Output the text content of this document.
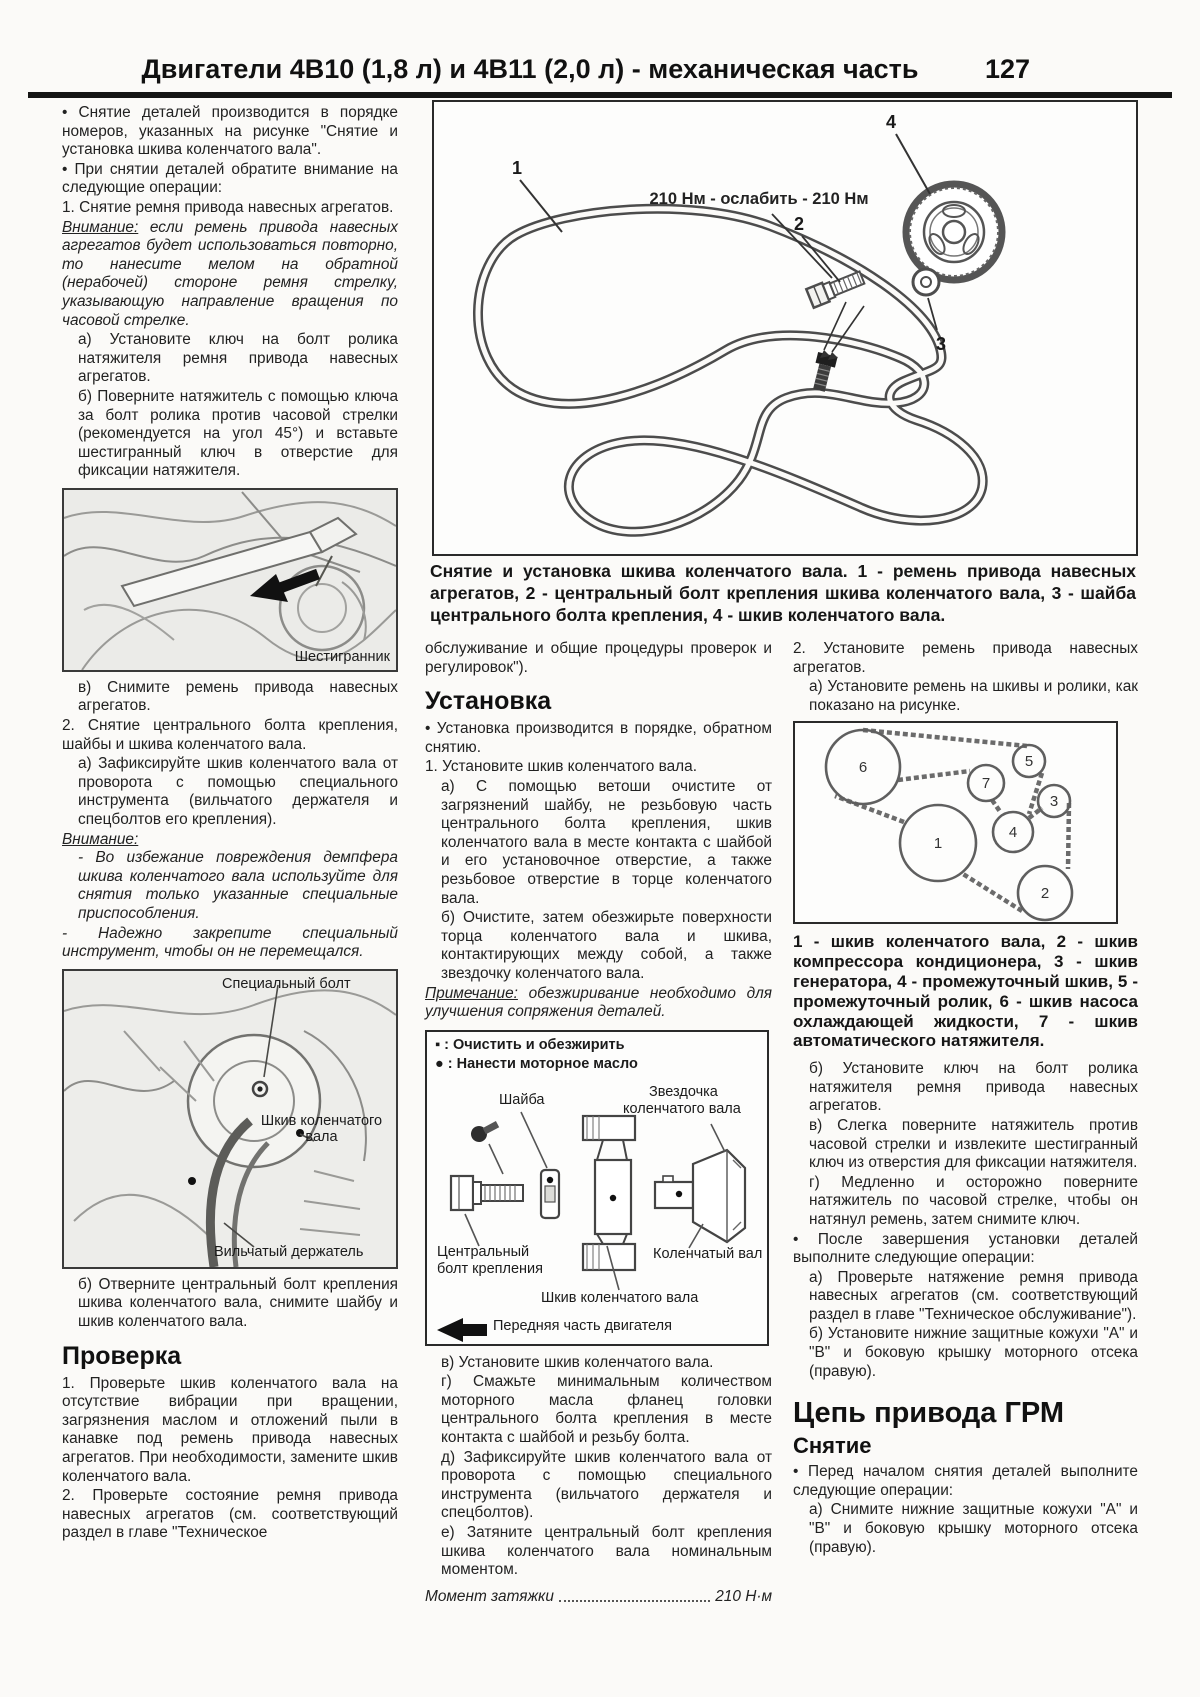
Двигатели 4В10 (1,8 л) и 4В11 (2,0 л) - механическая часть	127
1
2
3
4
210 Нм - ослабить - 210 Нм
Снятие и установка шкива коленчатого вала. 1 - ремень привода навесных агрегатов, 2 - центральный болт крепления шкива коленчатого вала, 3 - шайба центрального болта крепления, 4 - шкив коленчатого вала.

• Снятие деталей производится в порядке номеров, указанных на рисунке "Снятие и установка шкива коленчатого вала".

• При снятии деталей обратите внимание на следующие операции:

1. Снятие ремня привода навесных агрегатов.

Внимание: если ремень привода навесных агрегатов будет использоваться повторно, то нанесите мелом на обратной (нерабочей) стороне ремня стрелку, указывающую направление вращения по часовой стрелке.

а) Установите ключ на болт ролика натяжителя ремня привода навесных агрегатов.

б) Поверните натяжитель с помощью ключа за болт ролика против часовой стрелки (рекомендуется на угол 45°) и вставьте шестигранный ключ в отверстие для фиксации натяжителя.

Шестигранник

в) Снимите ремень привода навесных агрегатов.

2. Снятие центрального болта крепления, шайбы и шкива коленчатого вала.

а) Зафиксируйте шкив коленчатого вала от проворота с помощью специального инструмента (вильчатого держателя и спецболтов его крепления).

Внимание:

- Во избежание повреждения демпфера шкива коленчатого вала используйте для снятия только указанные специальные приспособления.

- Надежно закрепите специальный инструмент, чтобы он не перемещался.

Специальный болт
Шкив коленчатого вала
Вильчатый держатель

б) Отверните центральный болт крепления шкива коленчатого вала, снимите шайбу и шкив коленчатого вала.

Проверка

1. Проверьте шкив коленчатого вала на отсутствие вибрации при вращении, загрязнения маслом и отложений пыли в канавке под ремень привода навесных агрегатов. При необходимости, замените шкив коленчатого вала.

2. Проверьте состояние ремня привода навесных агрегатов (см. соответствующий раздел в главе "Техническое

обслуживание и общие процедуры проверок и регулировок").

Установка

• Установка производится в порядке, обратном снятию.

1. Установите шкив коленчатого вала.

а) С помощью ветоши очистите от загрязнений шайбу, не резьбовую часть центрального болта крепления, шкив коленчатого вала в месте контакта с шайбой и его установочное отверстие, а также резьбовое отверстие в торце коленчатого вала.

б) Очистите, затем обезжирьте поверхности торца коленчатого вала и шкива, контактирующих между собой, а также звездочку коленчатого вала.

Примечание: обезжиривание необходимо для улучшения сопряжения деталей.

▪ : Очистить и обезжирить
● : Нанести моторное масло
Шайба	Звездочка
коленчатого вала
Центральный
болт крепления
Коленчатый вал
Шкив коленчатого вала
Передняя часть двигателя

в) Установите шкив коленчатого вала.

г) Смажьте минимальным количеством моторного масла фланец головки центрального болта крепления в месте контакта с шайбой и резьбу болта.

д) Зафиксируйте шкив коленчатого вала от проворота с помощью специального инструмента (вильчатого держателя и спецболтов).

е) Затяните центральный болт крепления шкива коленчатого вала номинальным моментом.

Момент затяжки	210 Н·м

2. Установите ремень привода навесных агрегатов.

а) Установите ремень на шкивы и ролики, как показано на рисунке.

6	5
7
3
4
1
2
1 - шкив коленчатого вала, 2 - шкив компрессора кондиционера, 3 - шкив генератора, 4 - промежуточный шкив, 5 - промежуточный ролик, 6 - шкив насоса охлаждающей жидкости, 7 - шкив автоматического натяжителя.

б) Установите ключ на болт ролика натяжителя ремня привода навесных агрегатов.

в) Слегка поверните натяжитель против часовой стрелки и извлеките шестигранный ключ из отверстия для фиксации натяжителя.

г) Медленно и осторожно поверните натяжитель по часовой стрелке, чтобы он натянул ремень, затем снимите ключ.

• После завершения установки деталей выполните следующие операции:

а) Проверьте натяжение ремня привода навесных агрегатов (см. соответствующий раздел в главе "Техническое обслуживание").

б) Установите нижние защитные кожухи "А" и "В" и боковую крышку моторного отсека (правую).

Цепь привода ГРМ
Снятие

• Перед началом снятия деталей выполните следующие операции:

а) Снимите нижние защитные кожухи "А" и "В" и боковую крышку моторного отсека (правую).
